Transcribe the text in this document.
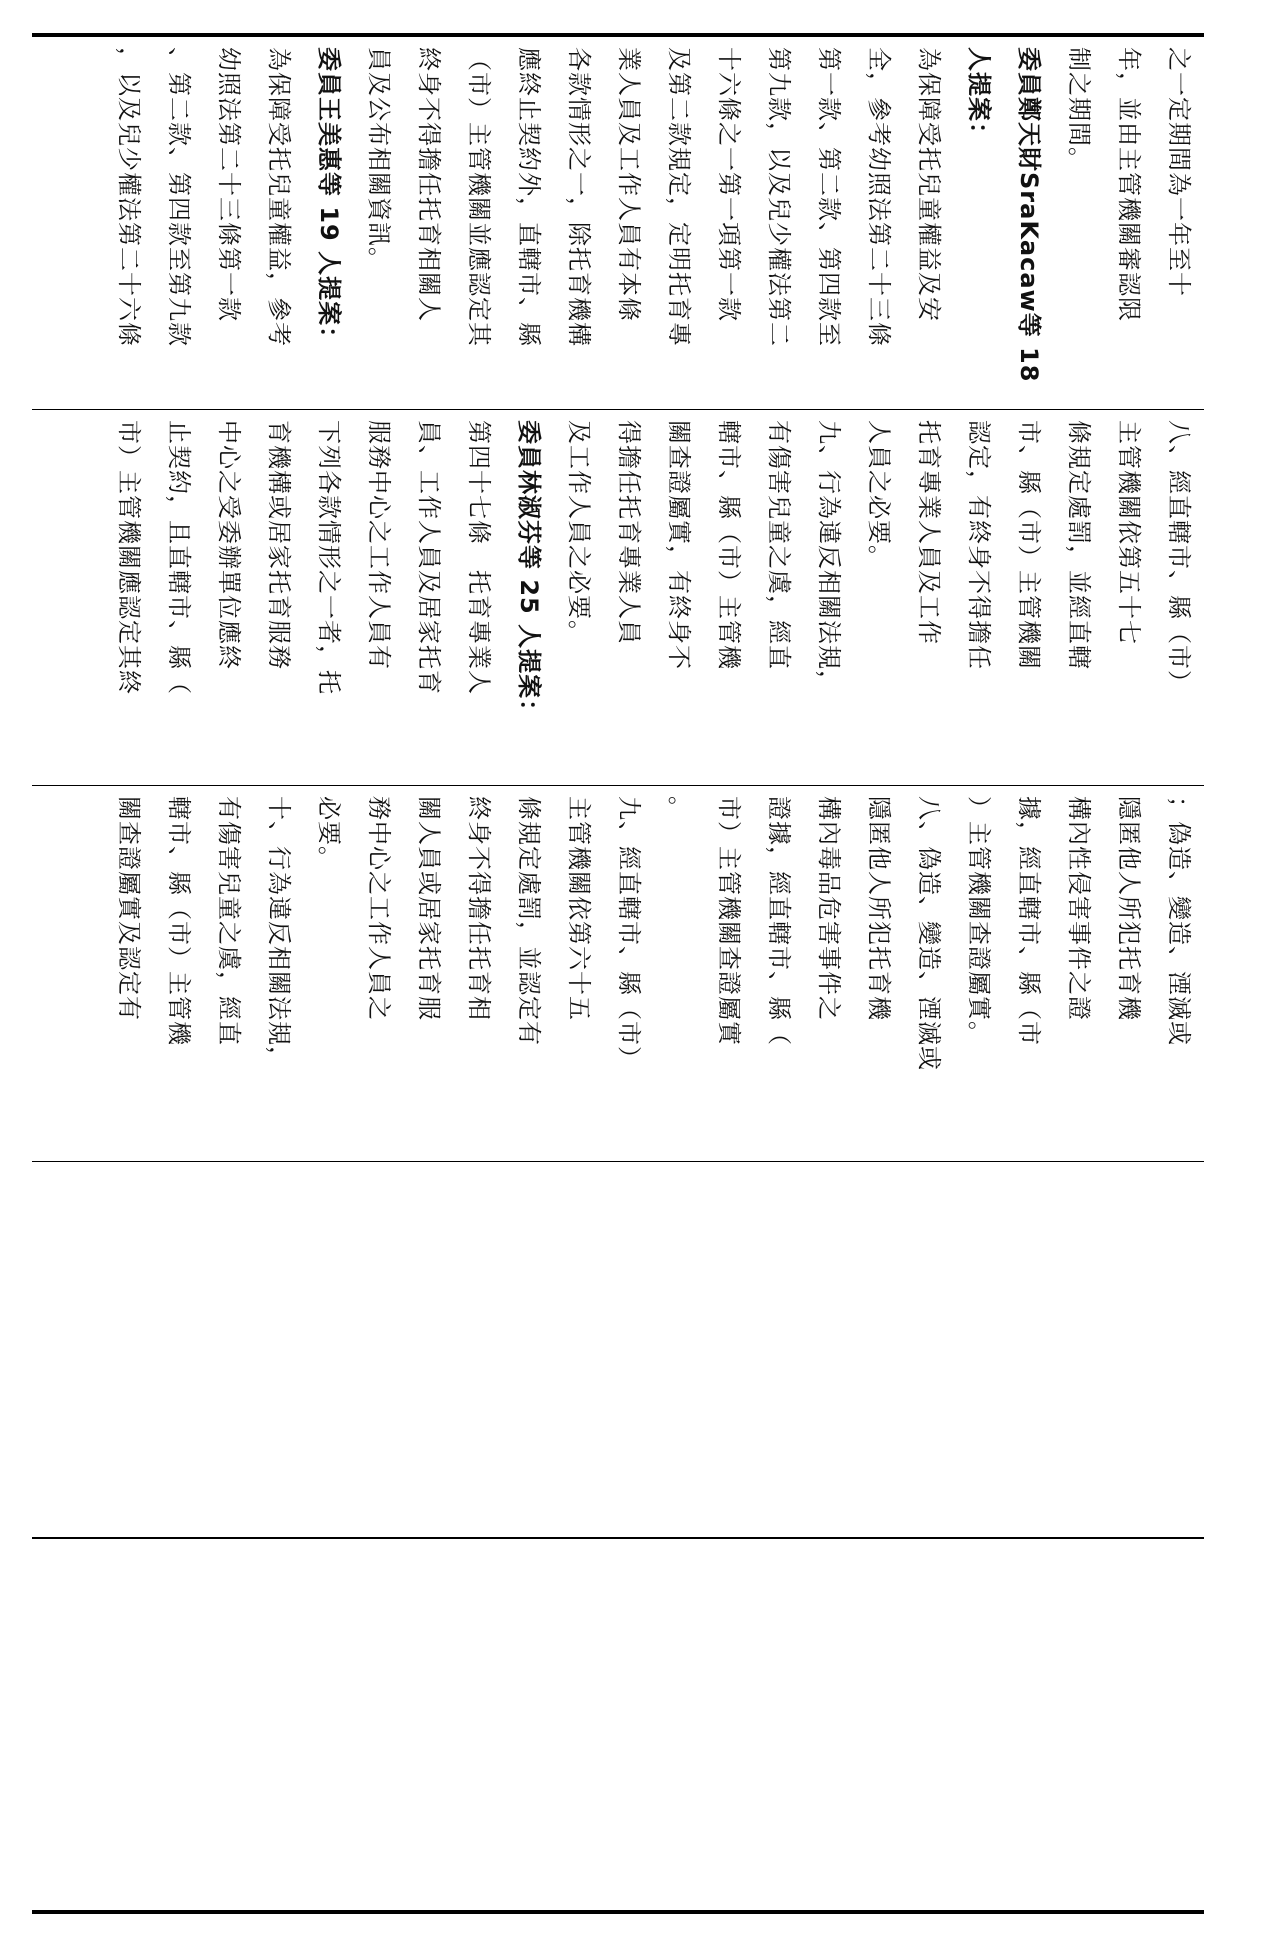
之一定期間為一年至十
年，並由主管機關審認限
制之期間。
委員鄭天財SraKacaw等 18
人提案：
為保障受托兒童權益及安
全，參考幼照法第二十三條
第一款、第二款、第四款至
第九款，以及兒少權法第二
十六條之一第一項第一款
及第二款規定，定明托育專
業人員及工作人員有本條
各款情形之一，除托育機構
應終止契約外，直轄市、縣
（市）主管機關並應認定其
終身不得擔任托育相關人
員及公布相關資訊。
委員王美惠等 19 人提案：
為保障受托兒童權益，參考
幼照法第二十三條第一款
、第二款、第四款至第九款
，以及兒少權法第二十六條
八、經直轄市、縣（市）
主管機關依第五十七
條規定處罰，並經直轄
市、縣（市）主管機關
認定，有終身不得擔任
托育專業人員及工作
人員之必要。
九、行為違反相關法規，
有傷害兒童之虞，經直
轄市、縣（市）主管機
關查證屬實，有終身不
得擔任托育專業人員
及工作人員之必要。
委員林淑芬等 25 人提案：
第四十七條　托育專業人
員、工作人員及居家托育
服務中心之工作人員有
下列各款情形之一者，托
育機構或居家托育服務
中心之受委辦單位應終
止契約，且直轄市、縣（
市）主管機關應認定其終
；偽造、變造、湮滅或
隱匿他人所犯托育機
構內性侵害事件之證
據，經直轄市、縣（市
）主管機關查證屬實。
八、偽造、變造、湮滅或
隱匿他人所犯托育機
構內毒品危害事件之
證據，經直轄市、縣（
市）主管機關查證屬實
。
九、經直轄市、縣（市）
主管機關依第六十五
條規定處罰，並認定有
終身不得擔任托育相
關人員或居家托育服
務中心之工作人員之
必要。
十、行為違反相關法規，
有傷害兒童之虞，經直
轄市、縣（市）主管機
關查證屬實及認定有
